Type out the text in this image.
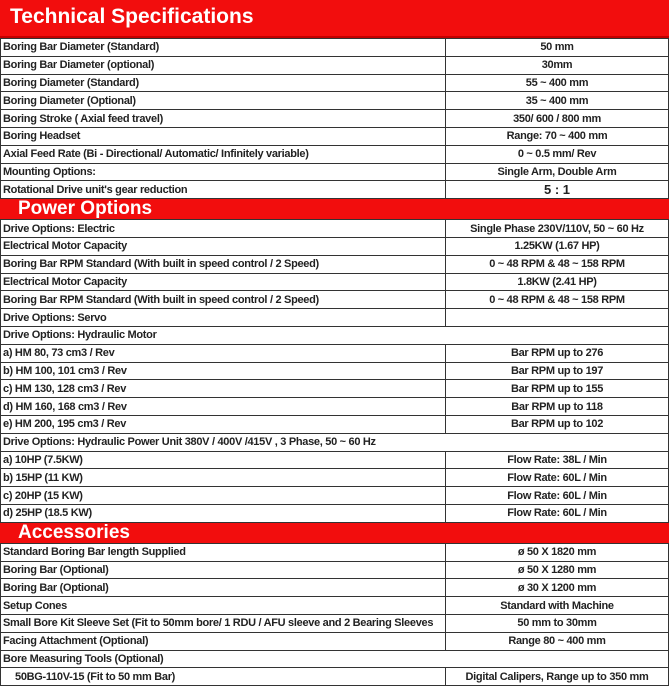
Technical Specifications
Boring Bar Diameter (Standard)	50 mm
Boring Bar Diameter (optional)	30mm
Boring Diameter (Standard)	55 ~ 400 mm
Boring Diameter (Optional)	35 ~ 400 mm
Boring Stroke ( Axial feed travel)	350/ 600 / 800 mm
Boring Headset	Range: 70 ~ 400 mm
Axial Feed Rate (Bi - Directional/ Automatic/ Infinitely variable)	0 ~ 0.5 mm/ Rev
Mounting Options:	Single Arm, Double Arm
Rotational Drive unit's gear reduction	5 : 1
Power Options
Drive Options: Electric	Single Phase 230V/110V, 50 ~ 60 Hz
Electrical Motor Capacity	1.25KW (1.67 HP)
Boring Bar RPM Standard (With built in speed control / 2 Speed)	0 ~ 48 RPM & 48 ~ 158 RPM
Electrical Motor Capacity	1.8KW (2.41 HP)
Boring Bar RPM Standard (With built in speed control / 2 Speed)	0 ~ 48 RPM & 48 ~ 158 RPM
Drive Options: Servo	
Drive Options: Hydraulic Motor	
a) HM 80, 73 cm3 / Rev	Bar RPM up to 276
b) HM 100, 101 cm3 / Rev	Bar RPM up to 197
c) HM 130, 128 cm3 / Rev	Bar RPM up to 155
d) HM 160, 168 cm3 / Rev	Bar RPM up to 118
e) HM 200, 195 cm3 / Rev	Bar RPM up to 102
Drive Options: Hydraulic Power Unit 380V / 400V /415V , 3 Phase, 50 ~ 60 Hz	
a) 10HP (7.5KW)	Flow Rate: 38L / Min
b) 15HP (11 KW)	Flow Rate: 60L / Min
c) 20HP (15 KW)	Flow Rate: 60L / Min
d) 25HP (18.5 KW)	Flow Rate: 60L / Min
Accessories
Standard Boring Bar length Supplied	ø 50 X 1820 mm
Boring Bar (Optional)	ø 50 X 1280 mm
Boring Bar (Optional)	ø 30 X 1200 mm
Setup Cones	Standard with Machine
Small Bore Kit Sleeve Set (Fit to 50mm bore/ 1 RDU / AFU sleeve and 2 Bearing Sleeves	50 mm to 30mm
Facing Attachment (Optional)	Range 80 ~ 400 mm
Bore Measuring Tools (Optional)	
50BG-110V-15 (Fit to 50 mm Bar)	Digital Calipers, Range up to 350 mm
